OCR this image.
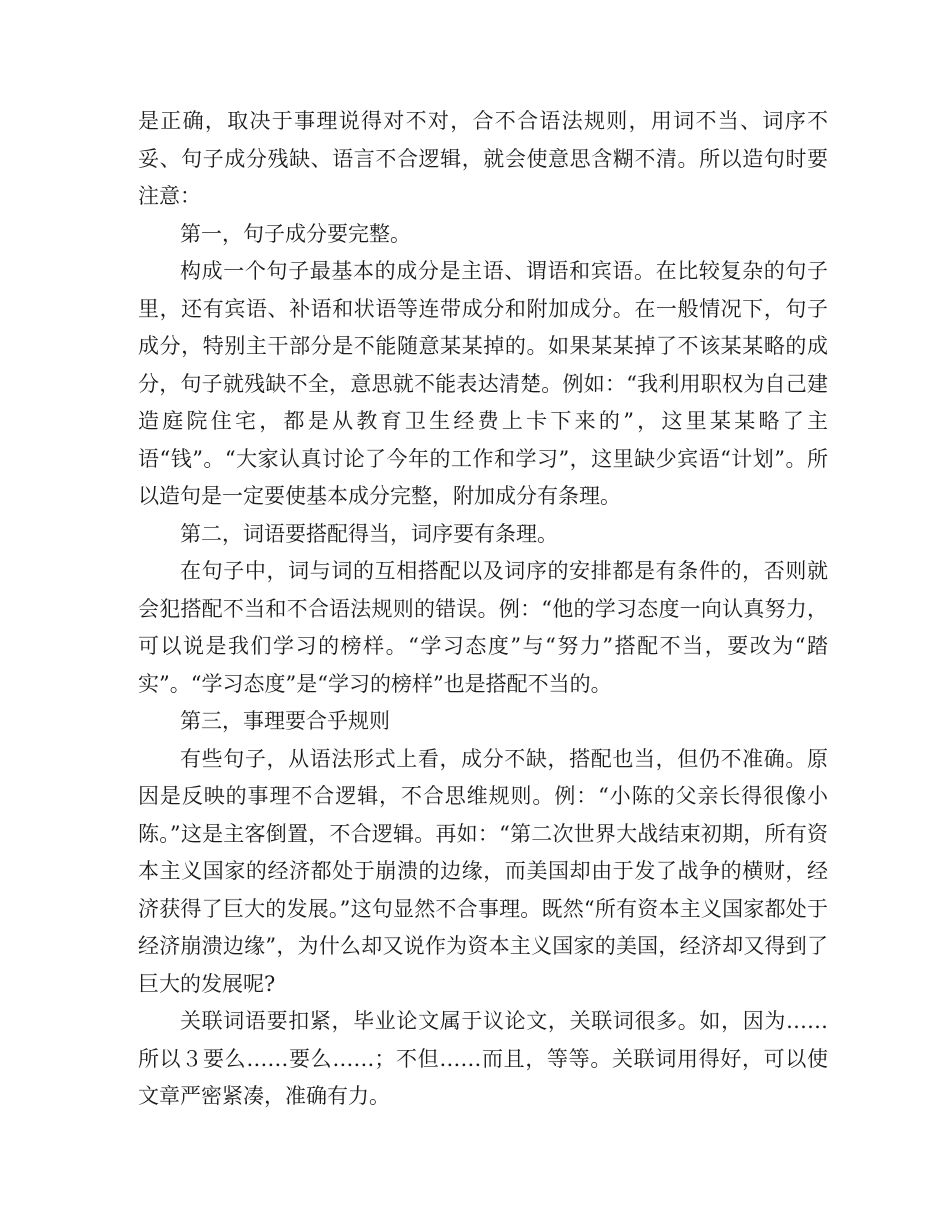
是正确，取决于事理说得对不对，合不合语法规则，用词不当、词序不妥、句子成分残缺、语言不合逻辑，就会使意思含糊不清。所以造句时要注意：

第一，句子成分要完整。

构成一个句子最基本的成分是主语、谓语和宾语。在比较复杂的句子里，还有宾语、补语和状语等连带成分和附加成分。在一般情况下，句子成分，特别主干部分是不能随意某某掉的。如果某某掉了不该某某略的成分，句子就残缺不全，意思就不能表达清楚。例如：“我利用职权为自己建造庭院住宅，都是从教育卫生经费上卡下来的”，这里某某略了主语“钱”。“大家认真讨论了今年的工作和学习”，这里缺少宾语“计划”。所以造句是一定要使基本成分完整，附加成分有条理。

第二，词语要搭配得当，词序要有条理。

在句子中，词与词的互相搭配以及词序的安排都是有条件的，否则就会犯搭配不当和不合语法规则的错误。例：“他的学习态度一向认真努力，可以说是我们学习的榜样。“学习态度”与“努力”搭配不当，要改为“踏实”。“学习态度”是“学习的榜样”也是搭配不当的。

第三，事理要合乎规则

有些句子，从语法形式上看，成分不缺，搭配也当，但仍不准确。原因是反映的事理不合逻辑，不合思维规则。例：“小陈的父亲长得很像小陈。”这是主客倒置，不合逻辑。再如：“第二次世界大战结束初期，所有资本主义国家的经济都处于崩溃的边缘，而美国却由于发了战争的横财，经济获得了巨大的发展。”这句显然不合事理。既然“所有资本主义国家都处于经济崩溃边缘”，为什么却又说作为资本主义国家的美国，经济却又得到了巨大的发展呢?

关联词语要扣紧，毕业论文属于议论文，关联词很多。如，因为……所以３要么……要么……；不但……而且，等等。关联词用得好，可以使文章严密紧凑，准确有力。
